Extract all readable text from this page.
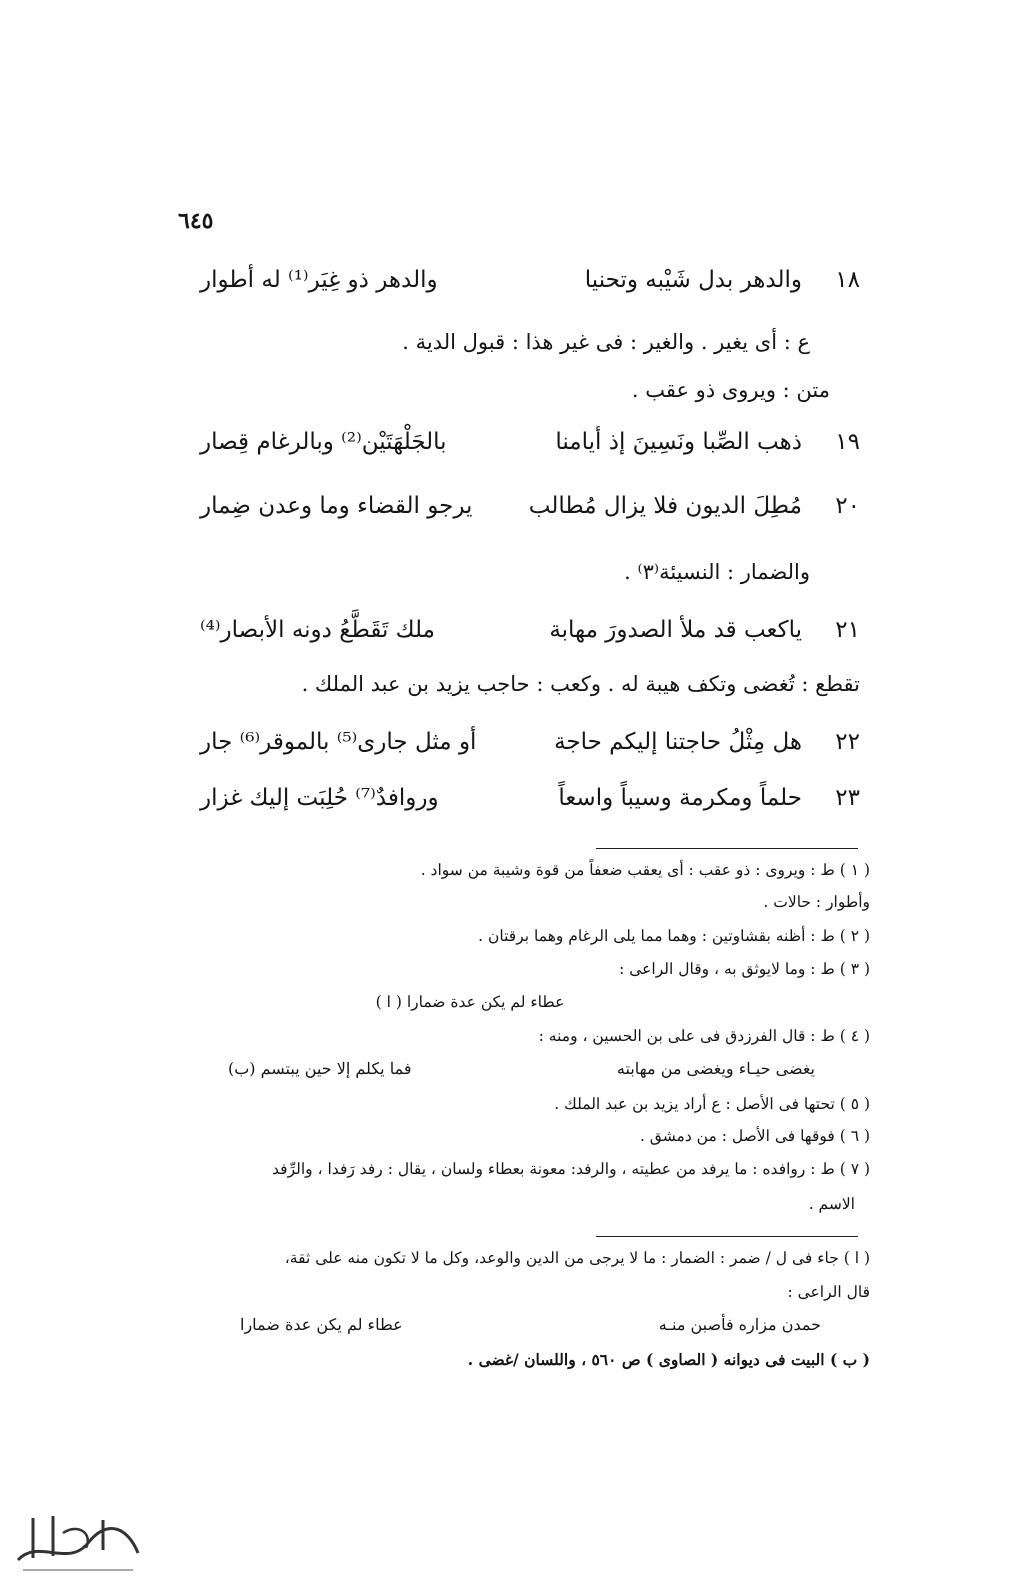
٦٤٥
١٨
والدهر بدل شَيْبه وتحنيا
والدهر ذو غِيَر⁽¹⁾ له أطوار
ع : أى يغير . والغير : فى غير هذا : قبول الدية .
متن : ويروى ذو عقب .
١٩
ذهب الصِّبا ونَسِينَ إذ أيامنا
بالجَلْهَتَيْن⁽²⁾ وبالرغام قِصار
٢٠
مُطِلَ الديون فلا يزال مُطالب
يرجو القضاء وما وعدن ضِمار
والضمار : النسيئة⁽٣⁾ .
٢١
ياكعب قد ملأ الصدورَ مهابة
ملك تَقَطَّعُ دونه الأبصار⁽⁴⁾
تقطع : تُغضى وتكف هيبة له . وكعب : حاجب يزيد بن عبد الملك .
٢٢
هل مِثْلُ حاجتنا إليكم حاجة
أو مثل جارى⁽⁵⁾ بالموقر⁽⁶⁾ جار
٢٣
حلماً ومكرمة وسيباً واسعاً
وروافدٌ⁽⁷⁾ حُلِبَت إليك غزار
( ١ ) ط : ويروى : ذو عقب : أى يعقب ضعفاً من قوة وشيبة من سواد .
وأطوار : حالات .
( ٢ ) ط : أظنه بقشاوتين : وهما مما يلى الرغام وهما برقتان .
( ٣ ) ط : وما لايوثق به ، وقال الراعى :
عطاء لم يكن عدة ضمارا ( ا )
( ٤ ) ط : قال الفرزدق فى على بن الحسين ، ومنه :
يغضى حيـاء ويغضى من مهابته
فما يكلم إلا حين يبتسم (ب)
( ٥ ) تحتها فى الأصل : ع أراد يزيد بن عبد الملك .
( ٦ ) فوقها فى الأصل : من دمشق .
( ٧ ) ط : روافده : ما يرفد من عطيته ، والرفد: معونة بعطاء ولسان ، يقال : رفد رَفدا ، والرِّفد
الاسم .
( ا ) جاء فى ل / ضمر : الضمار : ما لا يرجى من الدين والوعد، وكل ما لا تكون منه على ثقة،
قال الراعى :
حمدن مزاره فأصبن منـه
عطاء لم يكن عدة ضمارا
( ب ) البيت فى ديوانه ( الصاوى ) ص ٥٦٠ ، واللسان /غضى .
